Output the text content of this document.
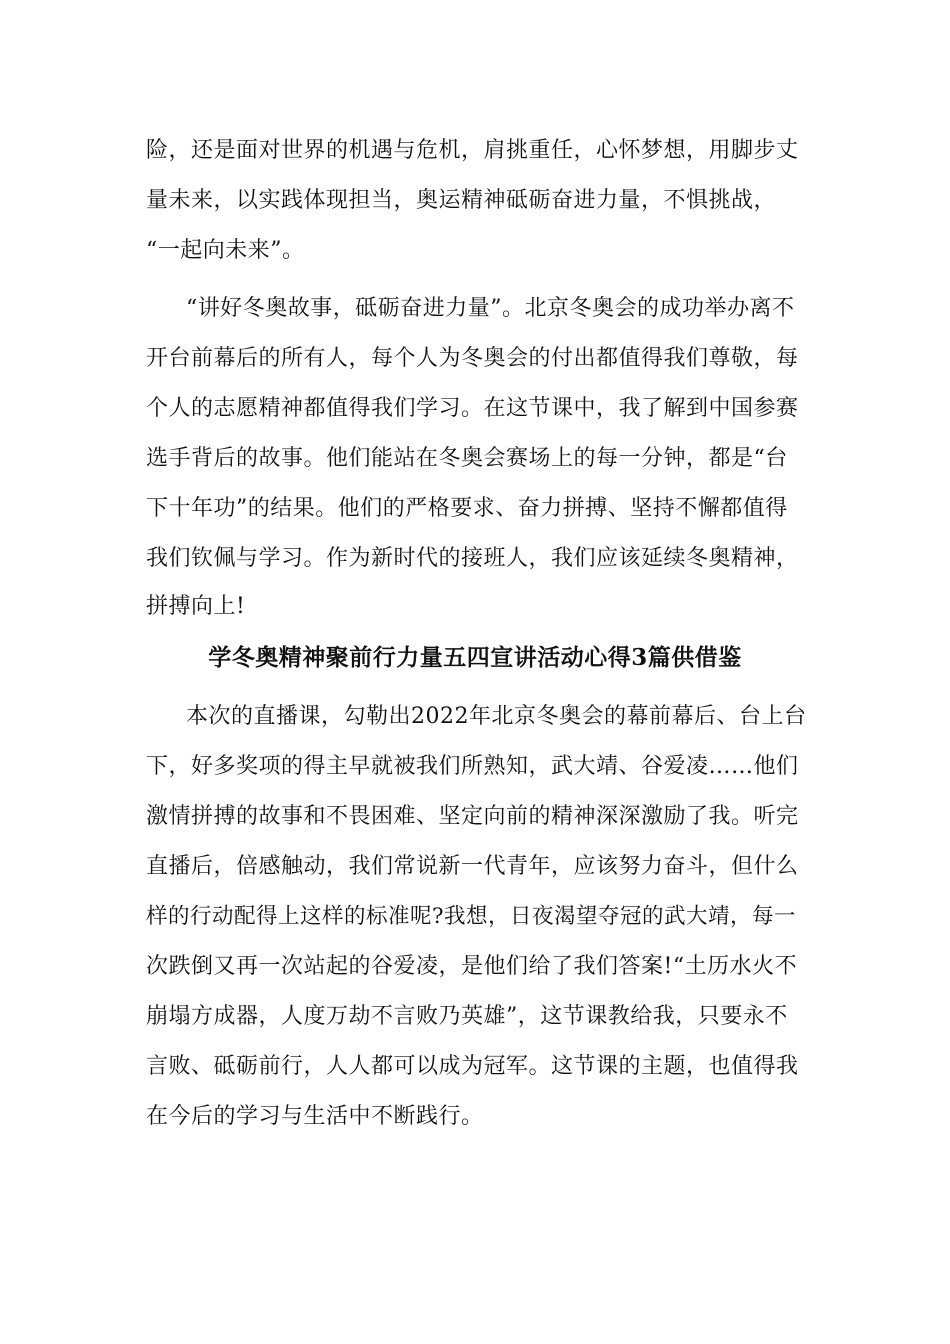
险，还是面对世界的机遇与危机，肩挑重任，心怀梦想，用脚步丈
量未来，以实践体现担当，奥运精神砥砺奋进力量，不惧挑战，
“一起向未来”。
“讲好冬奥故事，砥砺奋进力量”。北京冬奥会的成功举办离不
开台前幕后的所有人，每个人为冬奥会的付出都值得我们尊敬，每
个人的志愿精神都值得我们学习。在这节课中，我了解到中国参赛
选手背后的故事。他们能站在冬奥会赛场上的每一分钟，都是“台
下十年功”的结果。他们的严格要求、奋力拼搏、坚持不懈都值得
我们钦佩与学习。作为新时代的接班人，我们应该延续冬奥精神，
拼搏向上!
学冬奥精神聚前行力量五四宣讲活动心得3篇供借鉴
本次的直播课，勾勒出2022年北京冬奥会的幕前幕后、台上台
下，好多奖项的得主早就被我们所熟知，武大靖、谷爱凌……他们
激情拼搏的故事和不畏困难、坚定向前的精神深深激励了我。听完
直播后，倍感触动，我们常说新一代青年，应该努力奋斗，但什么
样的行动配得上这样的标准呢?我想，日夜渴望夺冠的武大靖，每一
次跌倒又再一次站起的谷爱凌，是他们给了我们答案!“土历水火不
崩塌方成器，人度万劫不言败乃英雄”，这节课教给我，只要永不
言败、砥砺前行，人人都可以成为冠军。这节课的主题，也值得我
在今后的学习与生活中不断践行。
